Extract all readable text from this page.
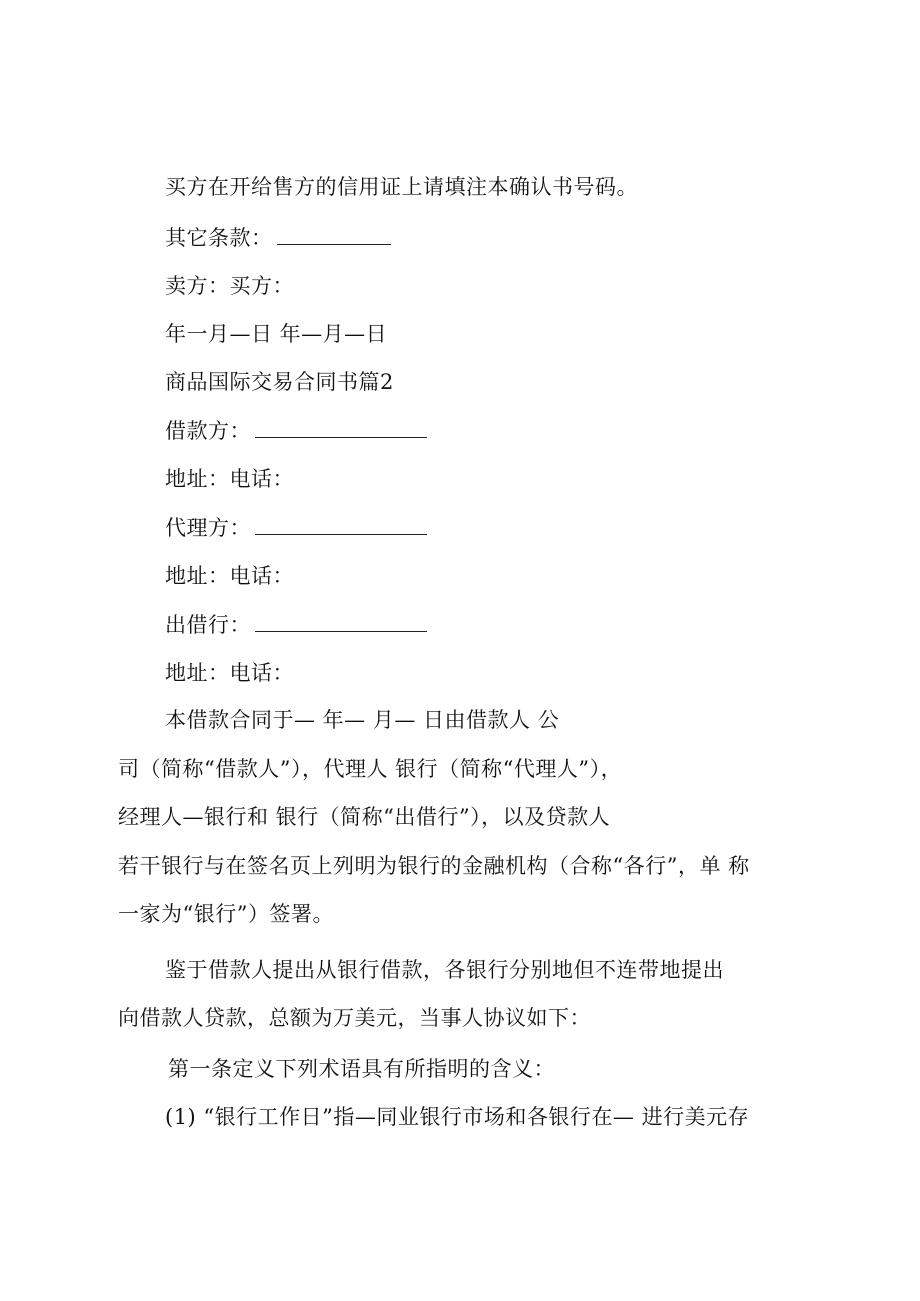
买方在开给售方的信用证上请填注本确认书号码。
其它条款：
卖方：买方：
年一月—日 年—月—日
商品国际交易合同书篇2
借款方：
地址：电话：
代理方：
地址：电话：
出借行：
地址：电话：
本借款合同于— 年— 月— 日由借款人 公
司（简称“借款人”），代理人 银行（简称“代理人”），
经理人—银行和 银行（简称“出借行”），以及贷款人
若干银行与在签名页上列明为银行的金融机构（合称“各行”，单 称
一家为“银行”）签署。
鉴于借款人提出从银行借款，各银行分别地但不连带地提出
向借款人贷款，总额为万美元，当事人协议如下：
第一条定义下列术语具有所指明的含义：
(1) “银行工作日”指—同业银行市场和各银行在— 进行美元存
